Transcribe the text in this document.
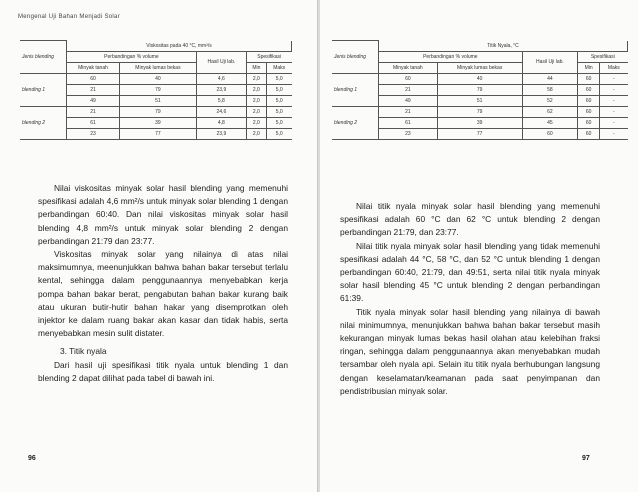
Mengenal Uji Bahan Menjadi Solar
Jenis blending	Viskositas pada 40 °C, mm²/s				
	Perbandingan % volume		Hasil Uji lab.	Spesifikasi	
	Minyak tanah	Minyak lumas bekas		Min	Maks
blending 1	60	40	4,6	2,0	5,0
	21	79	23,9	2,0	5,0
	49	51	5,8	2,0	5,0
blending 2	21	79	24,6	2,0	5,0
	61	39	4,8	2,0	5,0
	23	77	23,9	2,0	5,0

Nilai viskositas minyak solar hasil blending yang memenuhi spesifikasi adalah 4,6 mm²/s untuk minyak solar blending 1 dengan perbandingan 60:40. Dan nilai viskositas minyak solar hasil blending 4,8 mm²/s untuk minyak solar blending 2 dengan perbandingan 21:79 dan 23:77.

Viskositas minyak solar yang nilainya di atas nilai maksimumnya, meenunjukkan bahwa bahan bakar tersebut terlalu kental, sehingga dalam penggunaannya menyebabkan kerja pompa bahan bakar berat, pengabutan bahan bakar kurang baik atau ukuran butir-hutir bahan hakar yang disemprotkan oleh injektor ke dalam ruang bakar akan kasar dan tidak habis, serta menyebabkan mesin sulit distater.

3. Titik nyala

Dari hasil uji spesifikasi titik nyala untuk blending 1 dan blending 2 dapat dilihat pada tabel di bawah ini.

96
Jenis blending	Titik Nyala, °C				
	Perbandingan % volume		Hasil Uji lab.	Spesifikasi	
	Minyak tanah	Minyak lumas bekas		Min	Maks
blending 1	60	40	44	60	-
	21	79	58	60	-
	49	51	52	60	-
blending 2	21	79	62	60	-
	61	39	45	60	-
	23	77	60	60	-

Nilai titik nyala minyak solar hasil blending yang memenuhi spesifikasi adalah 60 °C dan 62 °C untuk blending 2 dengan perbandingan 21:79, dan 23:77.

Nilai titik nyala minyak solar hasil blending yang tidak memenuhi spesifikasi adalah 44 °C, 58 °C, dan 52 °C untuk blending 1 dengan perbandingan 60:40, 21:79, dan 49:51, serta nilai titik nyala minyak solar hasil blending 45 °C untuk blending 2 dengan perbandingan 61:39.

Titik nyala minyak solar hasil blending yang nilainya di bawah nilai minimumnya, menunjukkan bahwa bahan bakar tersebut masih kekurangan minyak lumas bekas hasil olahan atau kelebihan fraksi ringan, sehingga dalam penggunaannya akan menyebabkan mudah tersambar oleh nyala api. Selain itu titik nyala berhubungan langsung dengan keselamatan/keamanan pada saat penyimpanan dan pendistribusian minyak solar.

97
